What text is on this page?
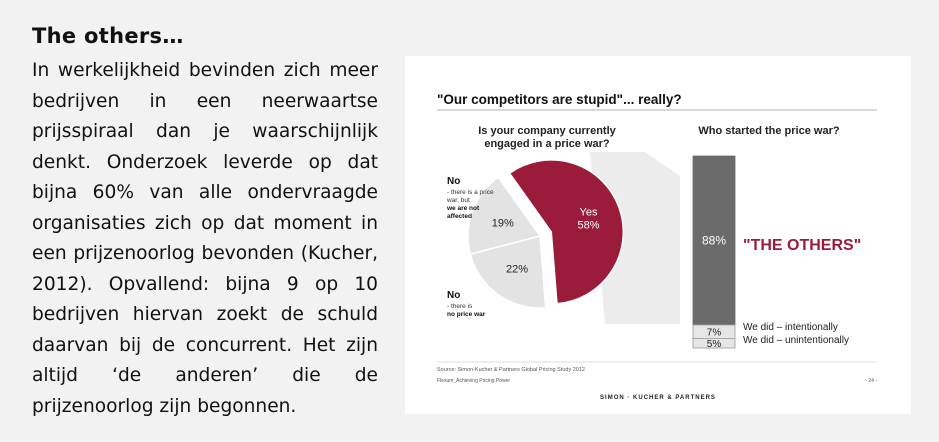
The others…

In werkelijkheid bevinden zich meer bedrijven in een neerwaartse prijsspiraal dan je waarschijnlijk denkt. Onderzoek leverde op dat bijna 60% van alle ondervraagde organisaties zich op dat moment in een prijzenoorlog bevonden (Kucher, 2012). Opvallend: bijna 9 op 10 bedrijven hiervan zoekt de schuld daarvan bij de concurrent. Het zijn altijd ‘de anderen’ die de prijzenoorlog zijn begonnen.

"Our competitors are stupid"... really?
Is your company currently
engaged in a price war?
Who started the price war?
Yes
58%
22%
19%
88%
7%
5%
No
- there is a price
war, but
we are not
affected
No
- there is
no price war
"THE OTHERS"
We did – intentionally
We did – unintentionally
Source: Simon-Kucher & Partners Global Pricing Study 2012
Flexum_Achieving Pricing Power	- 24 -
SIMON · KUCHER & PARTNERS
